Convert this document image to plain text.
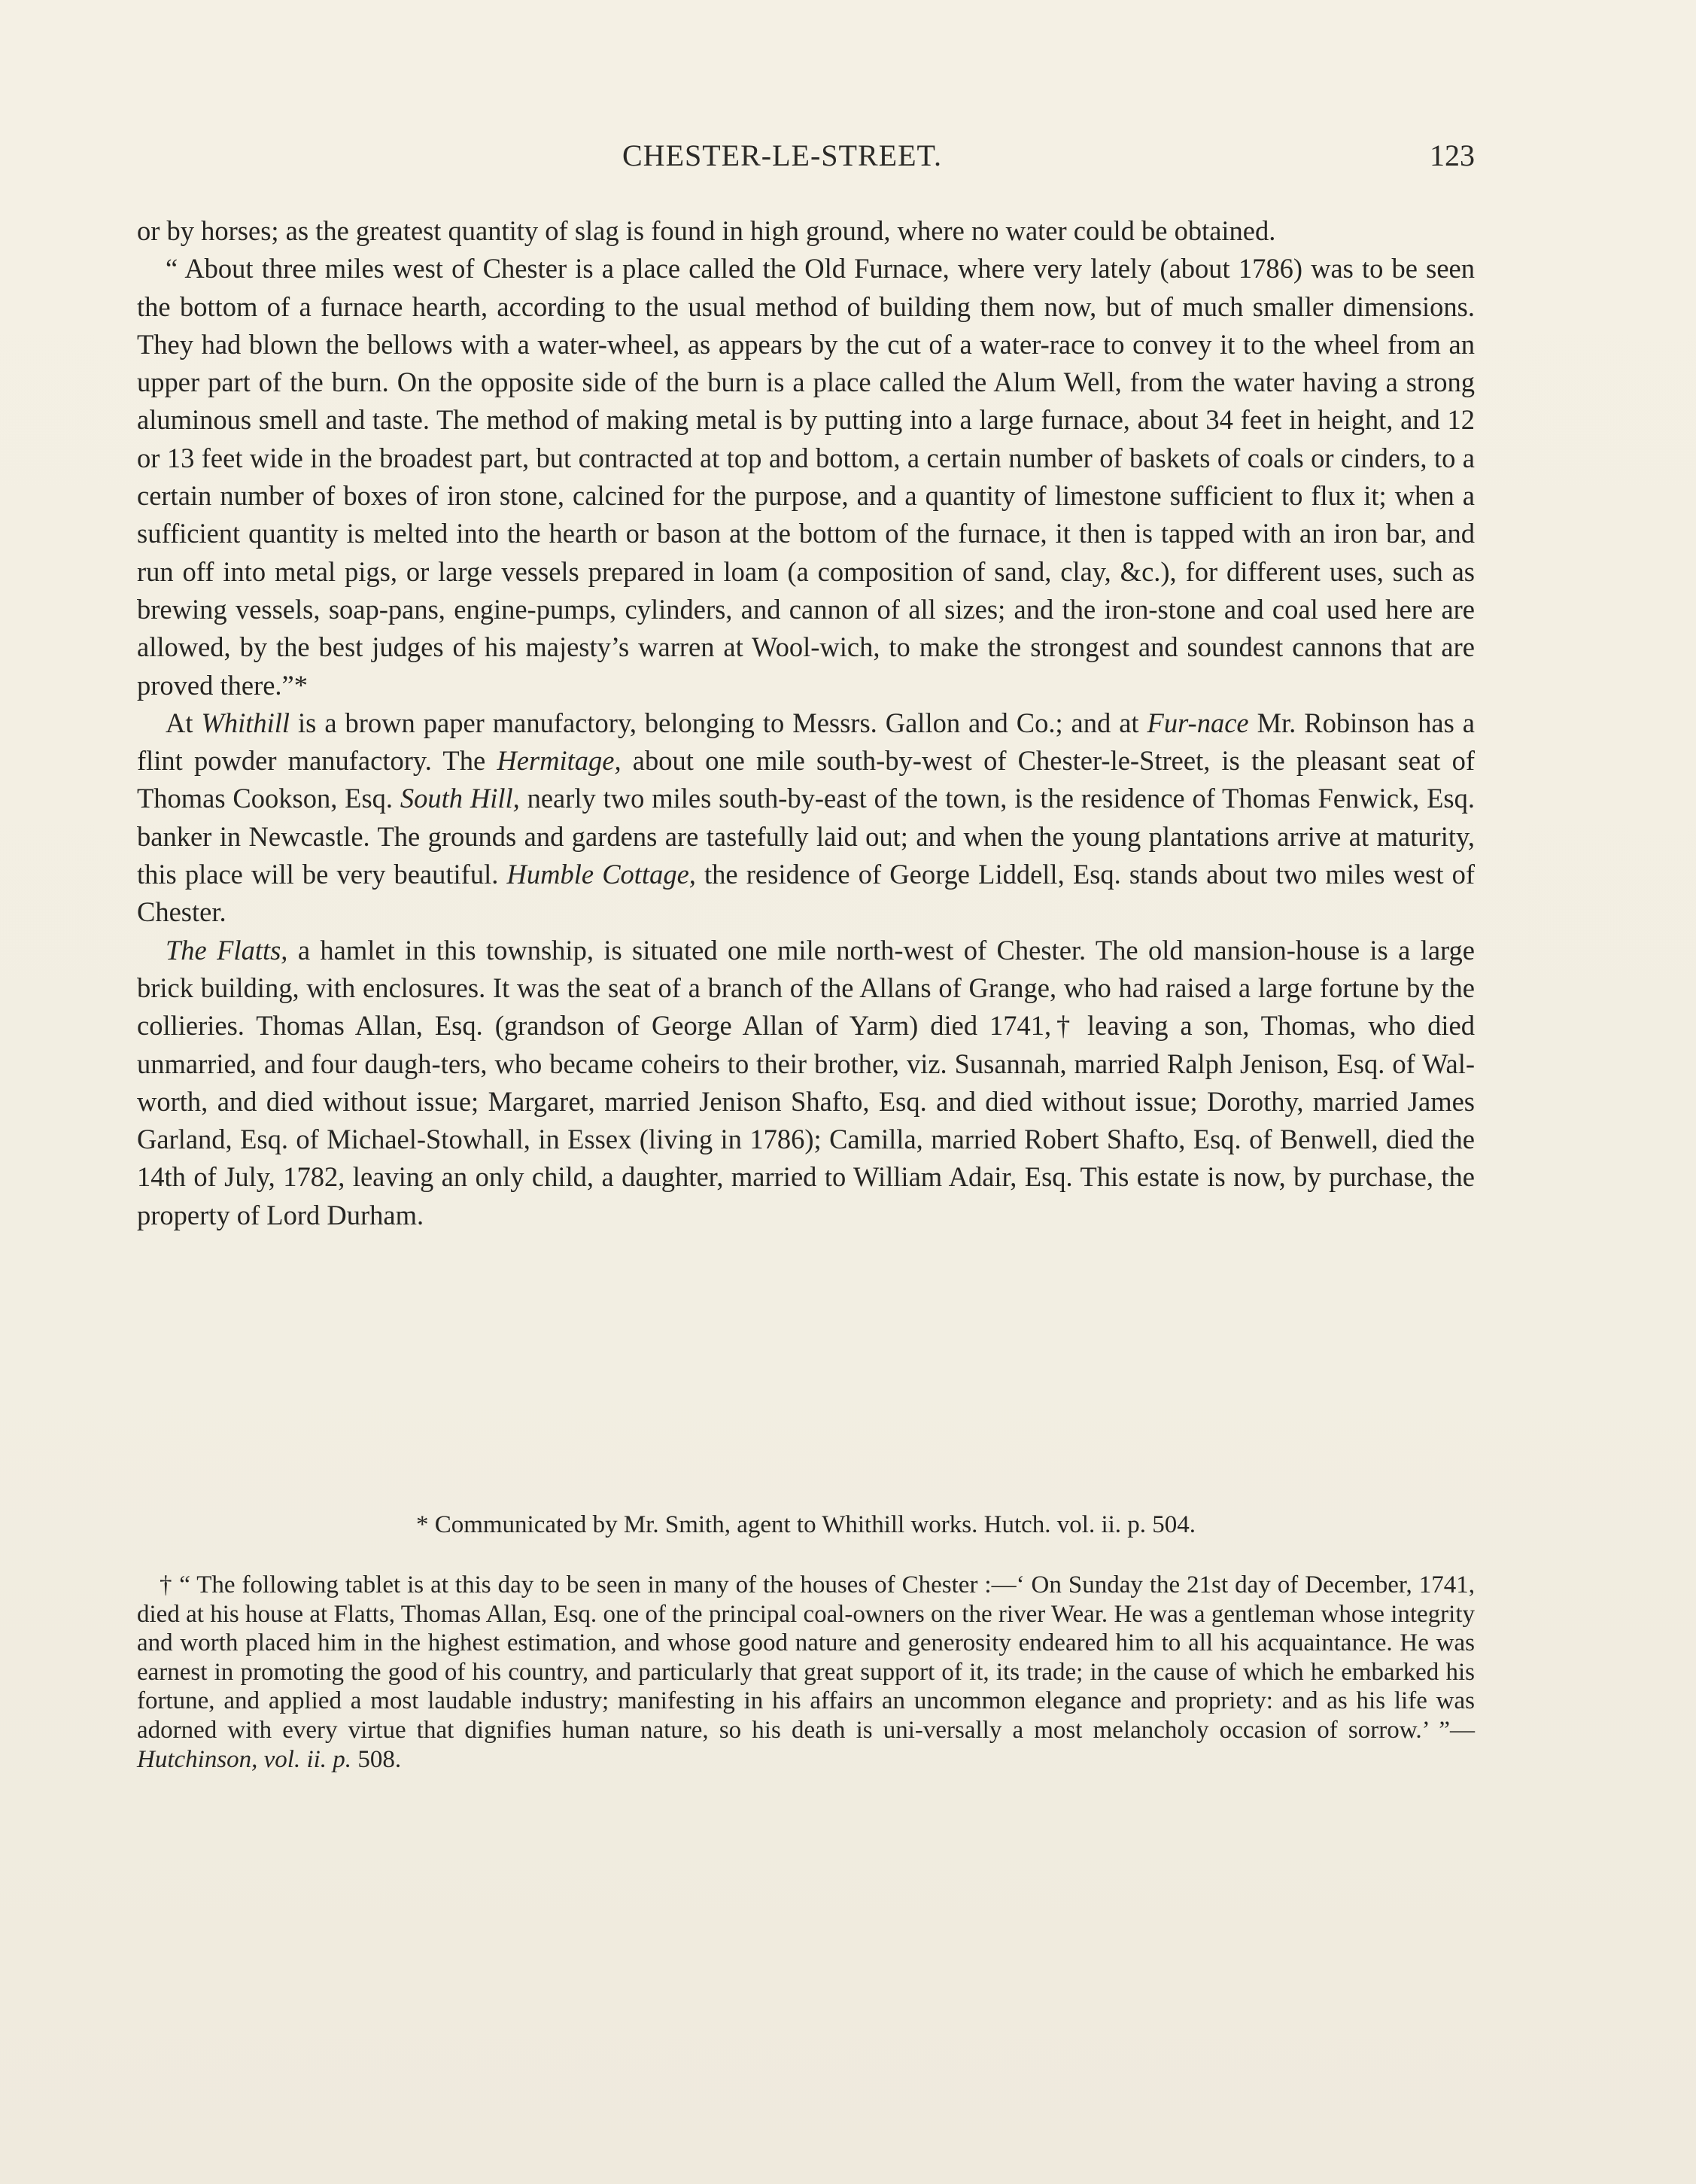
CHESTER-LE-STREET.	123

or by horses; as the greatest quantity of slag is found in high ground, where no water could be obtained.

“ About three miles west of Chester is a place called the Old Furnace, where very lately (about 1786) was to be seen the bottom of a furnace hearth, according to the usual method of building them now, but of much smaller dimensions. They had blown the bellows with a water-wheel, as appears by the cut of a water-race to convey it to the wheel from an upper part of the burn. On the opposite side of the burn is a place called the Alum Well, from the water having a strong aluminous smell and taste. The method of making metal is by putting into a large furnace, about 34 feet in height, and 12 or 13 feet wide in the broadest part, but contracted at top and bottom, a certain number of baskets of coals or cinders, to a certain number of boxes of iron stone, calcined for the purpose, and a quantity of limestone sufficient to flux it; when a sufficient quantity is melted into the hearth or bason at the bottom of the furnace, it then is tapped with an iron bar, and run off into metal pigs, or large vessels prepared in loam (a composition of sand, clay, &c.), for different uses, such as brewing vessels, soap-pans, engine-pumps, cylinders, and cannon of all sizes; and the iron-stone and coal used here are allowed, by the best judges of his majesty’s warren at Wool-wich, to make the strongest and soundest cannons that are proved there.”*

At Whithill is a brown paper manufactory, belonging to Messrs. Gallon and Co.; and at Fur-nace Mr. Robinson has a flint powder manufactory. The Hermitage, about one mile south-by-west of Chester-le-Street, is the pleasant seat of Thomas Cookson, Esq. South Hill, nearly two miles south-by-east of the town, is the residence of Thomas Fenwick, Esq. banker in Newcastle. The grounds and gardens are tastefully laid out; and when the young plantations arrive at maturity, this place will be very beautiful. Humble Cottage, the residence of George Liddell, Esq. stands about two miles west of Chester.

The Flatts, a hamlet in this township, is situated one mile north-west of Chester. The old mansion-house is a large brick building, with enclosures. It was the seat of a branch of the Allans of Grange, who had raised a large fortune by the collieries. Thomas Allan, Esq. (grandson of George Allan of Yarm) died 1741,† leaving a son, Thomas, who died unmarried, and four daugh-ters, who became coheirs to their brother, viz. Susannah, married Ralph Jenison, Esq. of Wal-worth, and died without issue; Margaret, married Jenison Shafto, Esq. and died without issue; Dorothy, married James Garland, Esq. of Michael-Stowhall, in Essex (living in 1786); Camilla, married Robert Shafto, Esq. of Benwell, died the 14th of July, 1782, leaving an only child, a daughter, married to William Adair, Esq. This estate is now, by purchase, the property of Lord Durham.

* Communicated by Mr. Smith, agent to Whithill works. Hutch. vol. ii. p. 504.

† “ The following tablet is at this day to be seen in many of the houses of Chester :—‘ On Sunday the 21st day of December, 1741, died at his house at Flatts, Thomas Allan, Esq. one of the principal coal-owners on the river Wear. He was a gentleman whose integrity and worth placed him in the highest estimation, and whose good nature and generosity endeared him to all his acquaintance. He was earnest in promoting the good of his country, and particularly that great support of it, its trade; in the cause of which he embarked his fortune, and applied a most laudable industry; manifesting in his affairs an uncommon elegance and propriety: and as his life was adorned with every virtue that dignifies human nature, so his death is uni-versally a most melancholy occasion of sorrow.’ ”—Hutchinson, vol. ii. p. 508.
